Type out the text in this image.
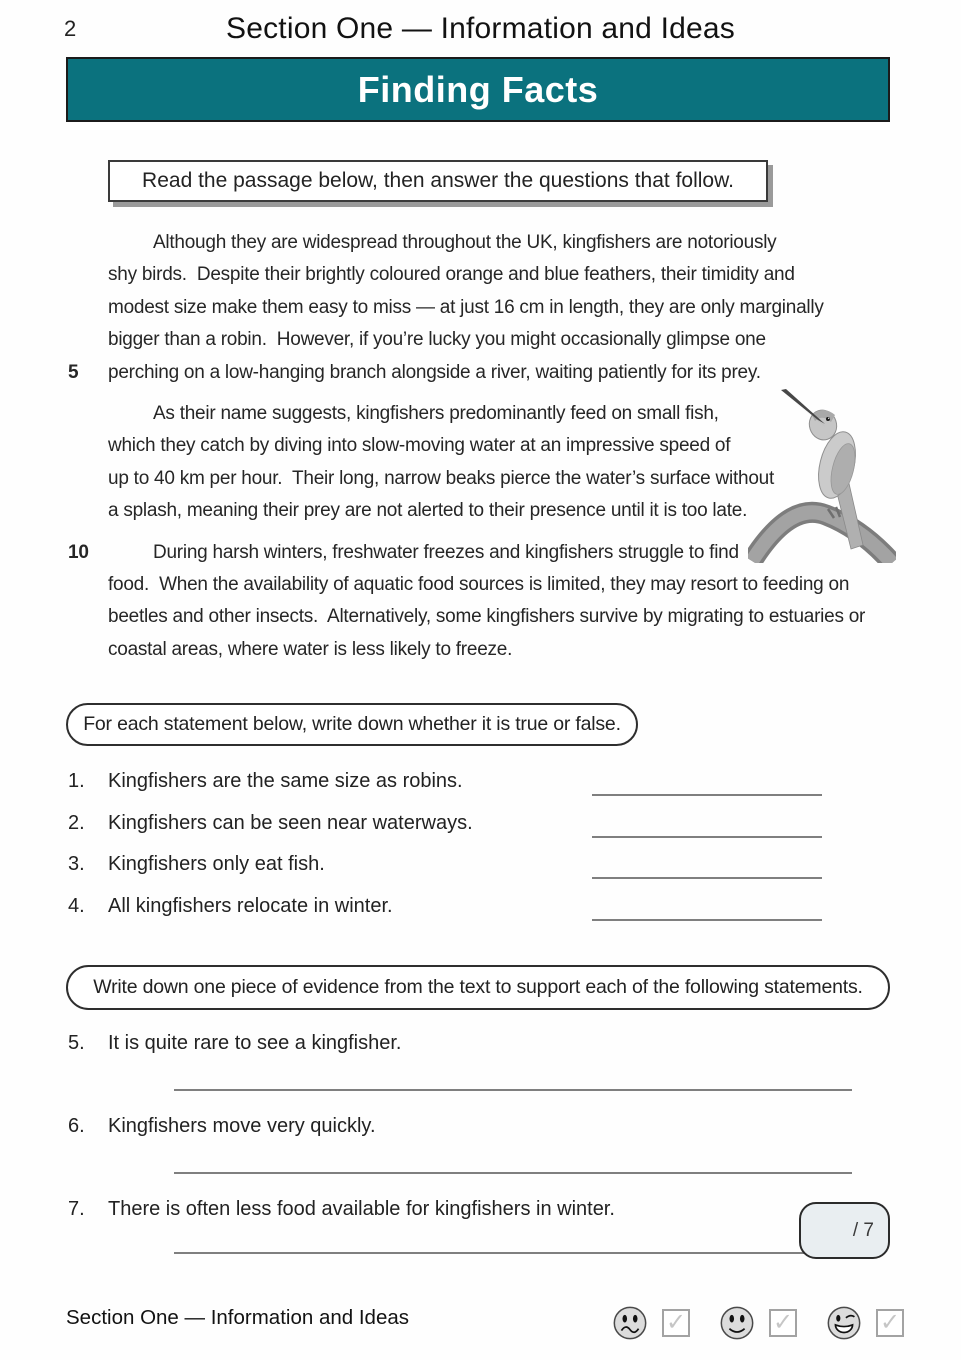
2	Section One — Information and Ideas
Finding Facts
Read the passage below, then answer the questions that follow.
Although they are widespread throughout the UK, kingfishers are notoriously
shy birds.  Despite their brightly coloured orange and blue feathers, their timidity and
modest size make them easy to miss — at just 16 cm in length, they are only marginally
bigger than a robin.  However, if you’re lucky you might occasionally glimpse one
5 perching on a low-hanging branch alongside a river, waiting patiently for its prey.
As their name suggests, kingfishers predominantly feed on small fish,
which they catch by diving into slow-moving water at an impressive speed of
up to 40 km per hour.  Their long, narrow beaks pierce the water’s surface without
a splash, meaning their prey are not alerted to their presence until it is too late.
10	During harsh winters, freshwater freezes and kingfishers struggle to find
food.  When the availability of aquatic food sources is limited, they may resort to feeding on
beetles and other insects.  Alternatively, some kingfishers survive by migrating to estuaries or
coastal areas, where water is less likely to freeze.
For each statement below, write down whether it is true or false.
1. Kingfishers are the same size as robins.
2. Kingfishers can be seen near waterways.
3. Kingfishers only eat fish.
4. All kingfishers relocate in winter.
Write down one piece of evidence from the text to support each of the following statements.
5. It is quite rare to see a kingfisher.
6. Kingfishers move very quickly.
7. There is often less food available for kingfishers in winter.
/ 7
Section One — Information and Ideas	✓	✓	✓
